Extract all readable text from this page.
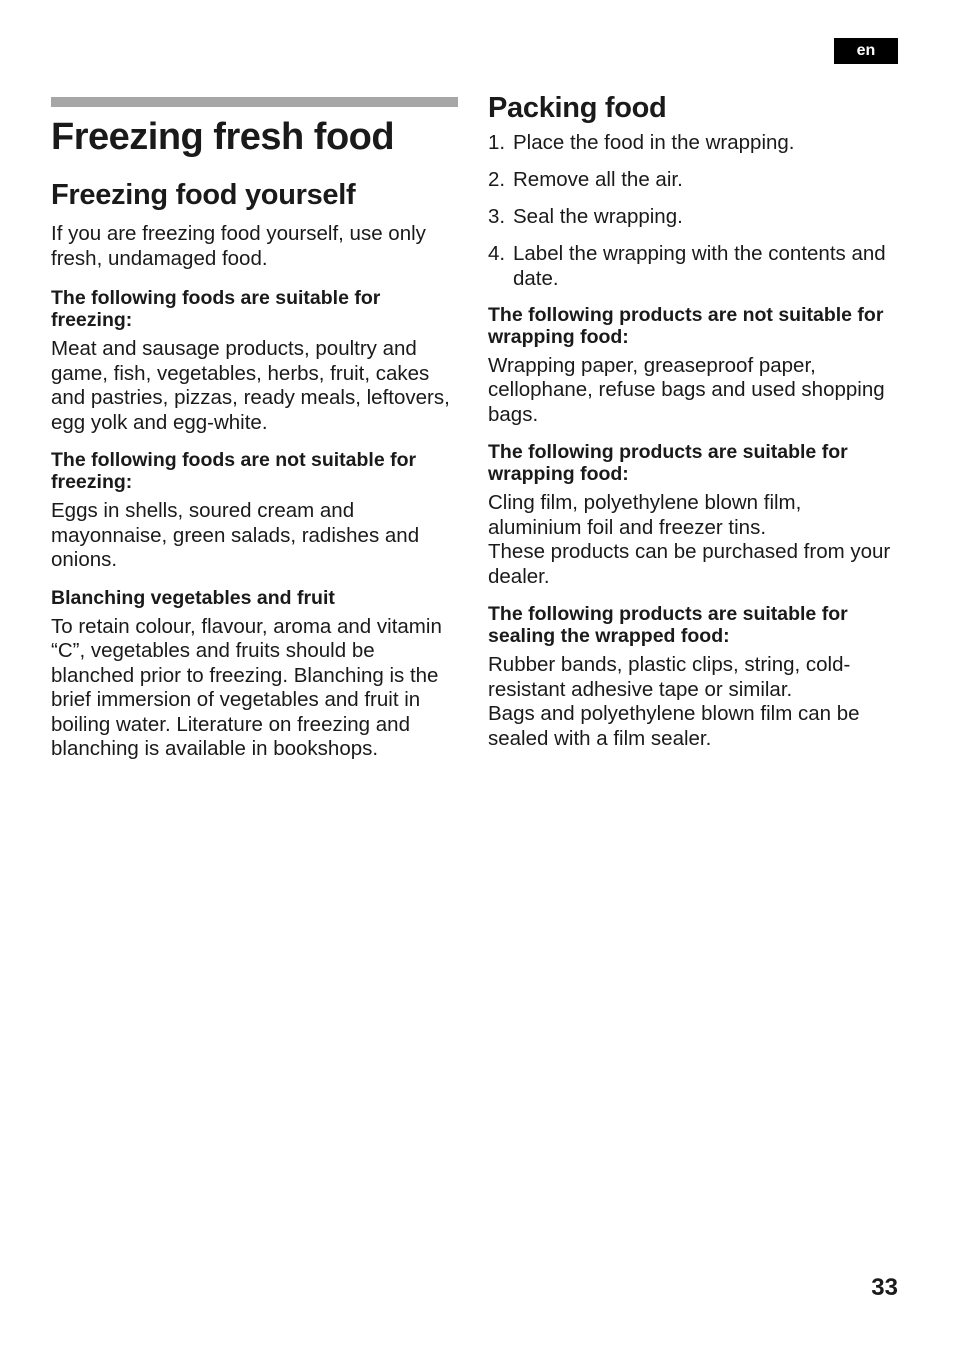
en
Freezing fresh food
Freezing food yourself

If you are freezing food yourself, use only fresh, undamaged food.

The following foods are suitable for freezing:
Meat and sausage products, poultry and game, fish, vegetables, herbs, fruit, cakes and pastries, pizzas, ready meals, leftovers, egg yolk and egg-white.
The following foods are not suitable for freezing:
Eggs in shells, soured cream and mayonnaise, green salads, radishes and onions.
Blanching vegetables and fruit
To retain colour, flavour, aroma and vitamin “C”, vegetables and fruits should be blanched prior to freezing. Blanching is the brief immersion of vegetables and fruit in boiling water. Literature on freezing and blanching is available in bookshops.
Packing food
1. Place the food in the wrapping.
2. Remove all the air.
3. Seal the wrapping.
4. Label the wrapping with the contents and date.
The following products are not suitable for wrapping food:
Wrapping paper, greaseproof paper, cellophane, refuse bags and used shopping bags.
The following products are suitable for wrapping food:
Cling film, polyethylene blown film, aluminium foil and freezer tins.
These products can be purchased from your dealer.
The following products are suitable for sealing the wrapped food:
Rubber bands, plastic clips, string, cold-resistant adhesive tape or similar.
Bags and polyethylene blown film can be sealed with a film sealer.
33
